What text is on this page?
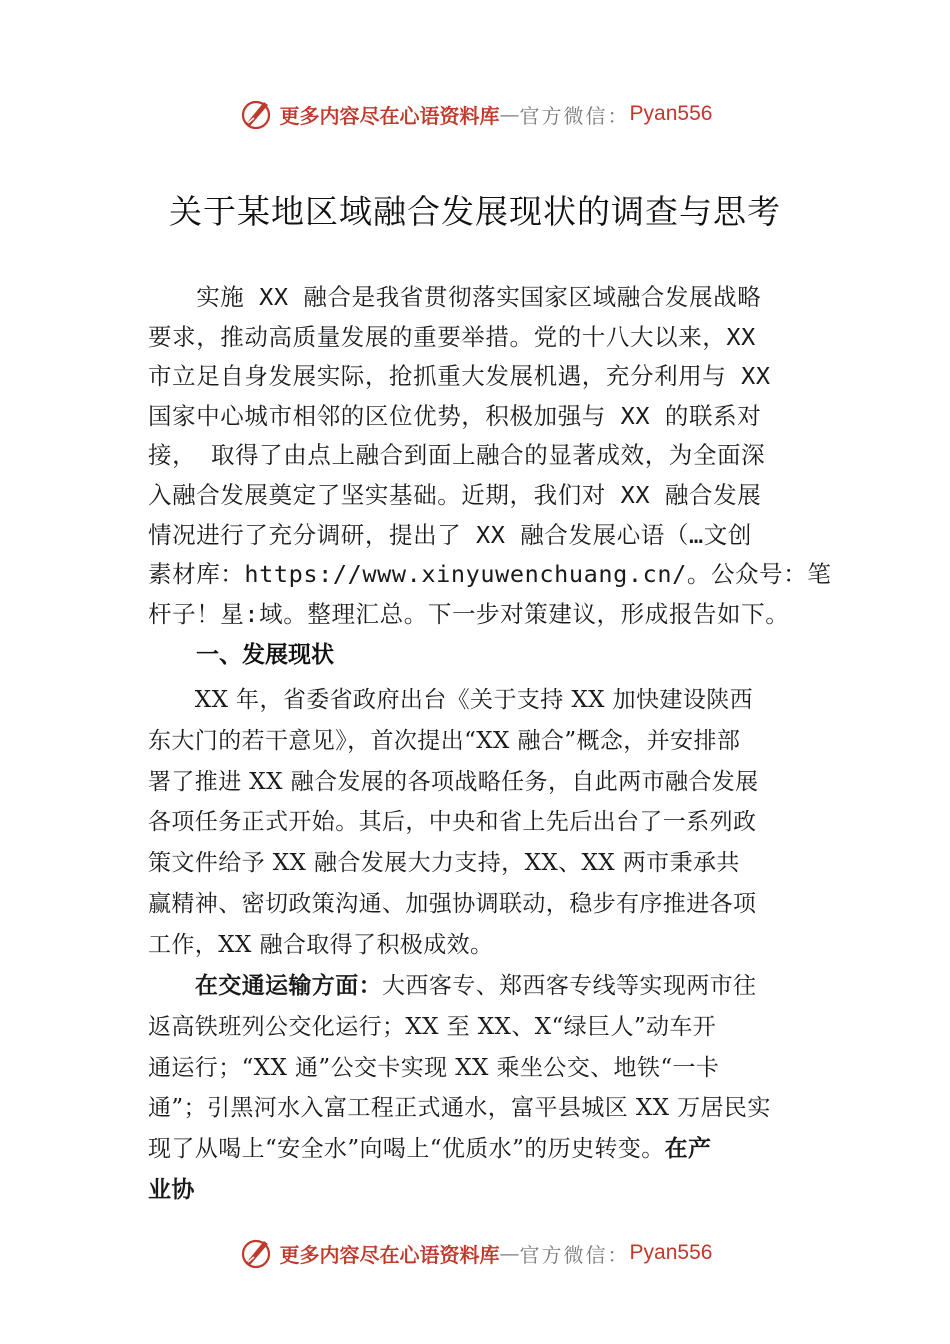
更多内容尽在心语资料库 — 官方微信： Pyan556
关于某地区域融合发展现状的调查与思考
　　实施 XX 融合是我省贯彻落实国家区域融合发展战略
要求，推动高质量发展的重要举措。党的十八大以来，XX
市立足自身发展实际，抢抓重大发展机遇，充分利用与 XX
国家中心城市相邻的区位优势，积极加强与 XX 的联系对
接， 取得了由点上融合到面上融合的显著成效，为全面深
入融合发展奠定了坚实基础。近期，我们对 XX 融合发展
情况进行了充分调研，提出了 XX 融合发展心语（…文创
素材库：https://www.xinyuwenchuang.cn/。公众号：笔
杆子！星:域。整理汇总。下一步对策建议，形成报告如下。
一、发展现状
　　XX 年，省委省政府出台《关于支持 XX 加快建设陕西
东大门的若干意见》，首次提出“XX 融合”概念，并安排部
署了推进 XX 融合发展的各项战略任务，自此两市融合发展
各项任务正式开始。其后，中央和省上先后出台了一系列政
策文件给予 XX 融合发展大力支持，XX、XX 两市秉承共
赢精神、密切政策沟通、加强协调联动，稳步有序推进各项
工作，XX 融合取得了积极成效。
　　在交通运输方面：大西客专、郑西客专线等实现两市往
返高铁班列公交化运行；XX 至 XX、X“绿巨人”动车开
通运行；“XX 通”公交卡实现 XX 乘坐公交、地铁“一卡
通”；引黑河水入富工程正式通水，富平县城区 XX 万居民实
现了从喝上“安全水”向喝上“优质水”的历史转变。在产
业协
更多内容尽在心语资料库 — 官方微信： Pyan556
